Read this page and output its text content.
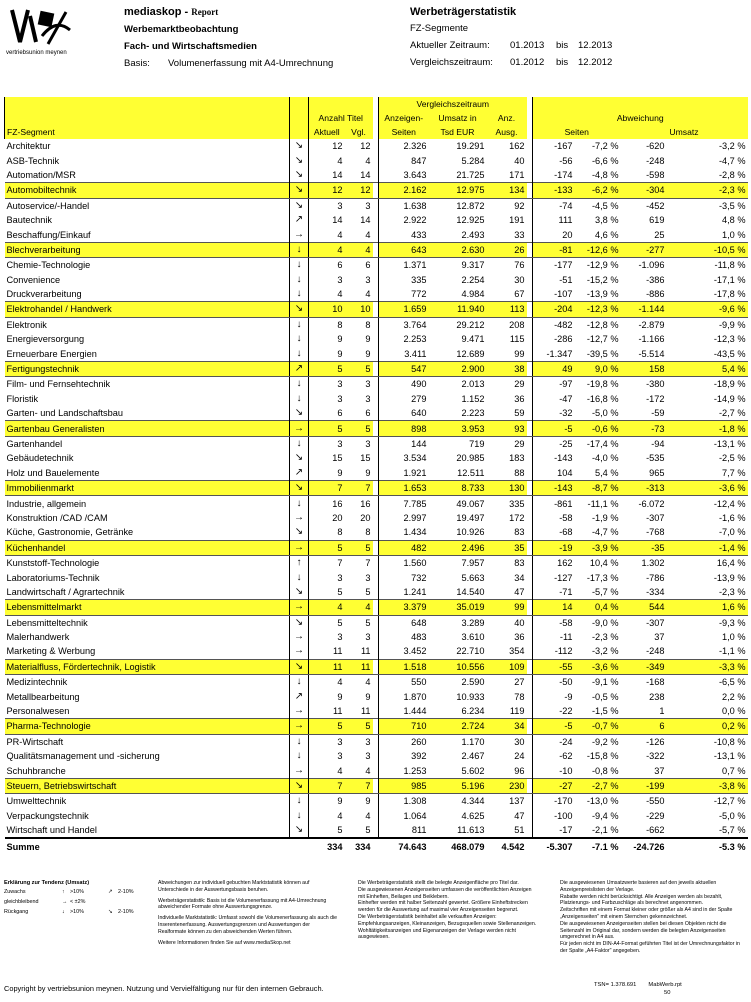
vertriebsunion meynen
mediaskop - Report
Werbemarktbeobachtung
Fach- und Wirtschaftsmedien
Basis: Volumenerfassung mit A4-Umrechnung
Werbeträgerstatistik
FZ-Segmente
Aktueller Zeitraum: 01.2013 bis 12.2013
Vergleichszeitraum: 01.2012 bis 12.2012
					Vergleichszeitraum							
		Anzahl Titel			Anzeigen-	Umsatz in	Anz.		Abweichung			
FZ-Segment		Aktuell	Vgl.		Seiten	Tsd EUR	Ausg.		Seiten		Umsatz	
Architektur	↘	12	12		2.326	19.291	162		-167	-7,2 %	-620	-3,2 %
ASB-Technik	↘	4	4		847	5.284	40		-56	-6,6 %	-248	-4,7 %
Automation/MSR	↘	14	14		3.643	21.725	171		-174	-4,8 %	-598	-2,8 %
Automobiltechnik	↘	12	12		2.162	12.975	134		-133	-6,2 %	-304	-2,3 %
Autoservice/-Handel	↘	3	3		1.638	12.872	92		-74	-4,5 %	-452	-3,5 %
Bautechnik	↗	14	14		2.922	12.925	191		111	3,8 %	619	4,8 %
Beschaffung/Einkauf	→	4	4		433	2.493	33		20	4,6 %	25	1,0 %
Blechverarbeitung	↓	4	4		643	2.630	26		-81	-12,6 %	-277	-10,5 %
Chemie-Technologie	↓	6	6		1.371	9.317	76		-177	-12,9 %	-1.096	-11,8 %
Convenience	↓	3	3		335	2.254	30		-51	-15,2 %	-386	-17,1 %
Druckverarbeitung	↓	4	4		772	4.984	67		-107	-13,9 %	-886	-17,8 %
Elektrohandel / Handwerk	↘	10	10		1.659	11.940	113		-204	-12,3 %	-1.144	-9,6 %
Elektronik	↓	8	8		3.764	29.212	208		-482	-12,8 %	-2.879	-9,9 %
Energieversorgung	↓	9	9		2.253	9.471	115		-286	-12,7 %	-1.166	-12,3 %
Erneuerbare Energien	↓	9	9		3.411	12.689	99		-1.347	-39,5 %	-5.514	-43,5 %
Fertigungstechnik	↗	5	5		547	2.900	38		49	9,0 %	158	5,4 %
Film- und Fernsehtechnik	↓	3	3		490	2.013	29		-97	-19,8 %	-380	-18,9 %
Floristik	↓	3	3		279	1.152	36		-47	-16,8 %	-172	-14,9 %
Garten- und Landschaftsbau	↘	6	6		640	2.223	59		-32	-5,0 %	-59	-2,7 %
Gartenbau Generalisten	→	5	5		898	3.953	93		-5	-0,6 %	-73	-1,8 %
Gartenhandel	↓	3	3		144	719	29		-25	-17,4 %	-94	-13,1 %
Gebäudetechnik	↘	15	15		3.534	20.985	183		-143	-4,0 %	-535	-2,5 %
Holz und Bauelemente	↗	9	9		1.921	12.511	88		104	5,4 %	965	7,7 %
Immobilienmarkt	↘	7	7		1.653	8.733	130		-143	-8,7 %	-313	-3,6 %
Industrie, allgemein	↓	16	16		7.785	49.067	335		-861	-11,1 %	-6.072	-12,4 %
Konstruktion /CAD /CAM	→	20	20		2.997	19.497	172		-58	-1,9 %	-307	-1,6 %
Küche, Gastronomie, Getränke	↘	8	8		1.434	10.926	83		-68	-4,7 %	-768	-7,0 %
Küchenhandel	→	5	5		482	2.496	35		-19	-3,9 %	-35	-1,4 %
Kunststoff-Technologie	↑	7	7		1.560	7.957	83		162	10,4 %	1.302	16,4 %
Laboratoriums-Technik	↓	3	3		732	5.663	34		-127	-17,3 %	-786	-13,9 %
Landwirtschaft / Agrartechnik	↘	5	5		1.241	14.540	47		-71	-5,7 %	-334	-2,3 %
Lebensmittelmarkt	→	4	4		3.379	35.019	99		14	0,4 %	544	1,6 %
Lebensmitteltechnik	↘	5	5		648	3.289	40		-58	-9,0 %	-307	-9,3 %
Malerhandwerk	→	3	3		483	3.610	36		-11	-2,3 %	37	1,0 %
Marketing & Werbung	→	11	11		3.452	22.710	354		-112	-3,2 %	-248	-1,1 %
Materialfluss, Fördertechnik, Logistik	↘	11	11		1.518	10.556	109		-55	-3,6 %	-349	-3,3 %
Medizintechnik	↓	4	4		550	2.590	27		-50	-9,1 %	-168	-6,5 %
Metallbearbeitung	↗	9	9		1.870	10.933	78		-9	-0,5 %	238	2,2 %
Personalwesen	→	11	11		1.444	6.234	119		-22	-1,5 %	1	0,0 %
Pharma-Technologie	→	5	5		710	2.724	34		-5	-0,7 %	6	0,2 %
PR-Wirtschaft	↓	3	3		260	1.170	30		-24	-9,2 %	-126	-10,8 %
Qualitätsmanagement und -sicherung	↓	3	3		392	2.467	24		-62	-15,8 %	-322	-13,1 %
Schuhbranche	→	4	4		1.253	5.602	96		-10	-0,8 %	37	0,7 %
Steuern, Betriebswirtschaft	↘	7	7		985	5.196	230		-27	-2,7 %	-199	-3,8 %
Umwelttechnik	↓	9	9		1.308	4.344	137		-170	-13,0 %	-550	-12,7 %
Verpackungstechnik	↓	4	4		1.064	4.625	47		-100	-9,4 %	-229	-5,0 %
Wirtschaft und Handel	↘	5	5		811	11.613	51		-17	-2,1 %	-662	-5,7 %
Summe		334	334		74.643	468.079	4.542		-5.307	-7.1 %	-24.726	-5.3 %
Erklärung zur Tendenz (Umsatz)
Zuwachs	↑ >10%	↗ 2-10%
gleichbleibend	→ < ±2%
Rückgang	↓ >10%	↘ 2-10%
Abweichungen zur individuell gebuchten Marktstatistik können auf Unterschiede in der Auswertungsbasis beruhen.
Werbeträgerstatistik: Basis ist die Volumenerfassung mit A4-Umrechnung abweichender Formate ohne Auswertungsgrenze.
Individuelle Marktstatistik: Umfasst sowohl die Volumenerfassung als auch die Inserentenerfassung. Auswertungsgrenzen und Auswertungen der Realformate können zu den abweichenden Werten führen.
Weitere Informationen finden Sie auf www.mediaSkop.net
Die Werbeträgerstatistik stellt die belegte Anzeigenfläche pro Titel dar.
Die ausgewiesenen Anzeigenseiten umfassen die veröffentlichten Anzeigen mit Einheften, Beilagen und Beiklebern.
Einhefter werden mit halber Seitenzahl gewertet. Größere Einheftstrecken werden für die Auswertung auf maximal vier Anzeigenseiten begrenzt.
Die Werbeträgerstatistik beinhaltet alle verkauften Anzeigen: Empfehlungsanzeigen, Kleinanzeigen, Bezugsquellen sowie Stellenanzeigen.
Wohltätigkeitsanzeigen und Eigenanzeigen der Verlage werden nicht ausgewiesen.
Die ausgewiesenen Umsatzwerte basieren auf den jeweils aktuellen Anzeigenpreislisten der Verlage.
Rabatte werden nicht berücksichtigt. Alle Anzeigen werden als bezahlt, Platzierungs- und Farbzuschläge als berechnet angenommen.
Zeitschriften mit einem Format kleiner oder größer als A4 sind in der Spalte „Anzeigenseiten" mit einem Sternchen gekennzeichnet.
Die ausgewiesenen Anzeigenseiten stellen bei diesen Objekten nicht die Seitenzahl im Original dar, sondern werden die belegten Anzeigenseiten umgerechnet in A4 aus.
Für jeden nicht im DIN-A4-Format geführten Titel ist der Umrechnungsfaktor in der Spalte „A4-Faktor" angegeben.
Copyright by vertriebsunion meynen. Nutzung und Vervielfältigung nur für den internen Gebrauch.	TSN= 1.378.691 MabWerb.rpt
50
